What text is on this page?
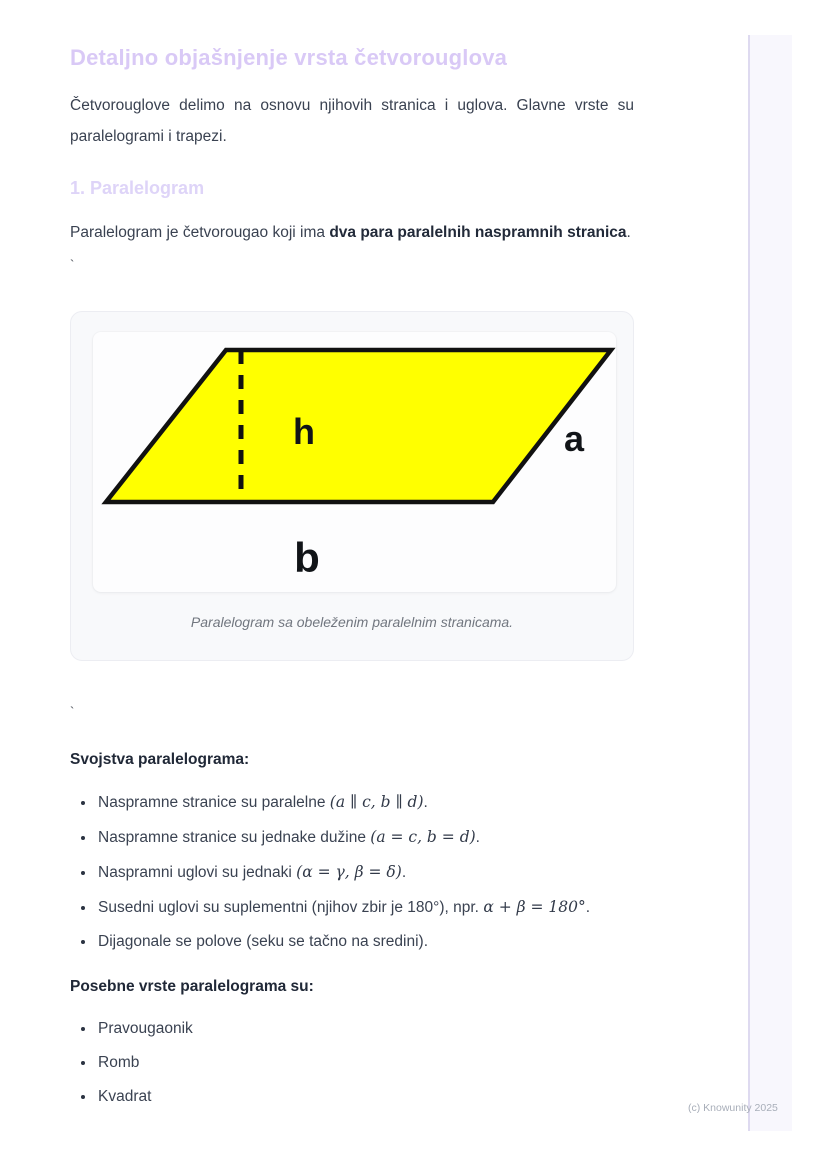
Detaljno objašnjenje vrsta četvorouglova

Četvorouglove delimo na osnovu njihovih stranica i uglova. Glavne vrste su paralelogrami i trapezi.

1. Paralelogram

Paralelogram je četvorougao koji ima dva para paralelnih naspramnih stranica.

`
h	a
b
Paralelogram sa obeleženim paralelnim stranicama.
`
Svojstva paralelograma:
• Naspramne stranice su paralelne (a ∥ c, b ∥ d).
• Naspramne stranice su jednake dužine (a = c, b = d).
• Naspramni uglovi su jednaki (α = γ, β = δ).
• Susedni uglovi su suplementni (njihov zbir je 180°), npr. α + β = 180°.
• Dijagonale se polove (seku se tačno na sredini).
Posebne vrste paralelograma su:
• Pravougaonik
• Romb
• Kvadrat
(c) Knowunity 2025
